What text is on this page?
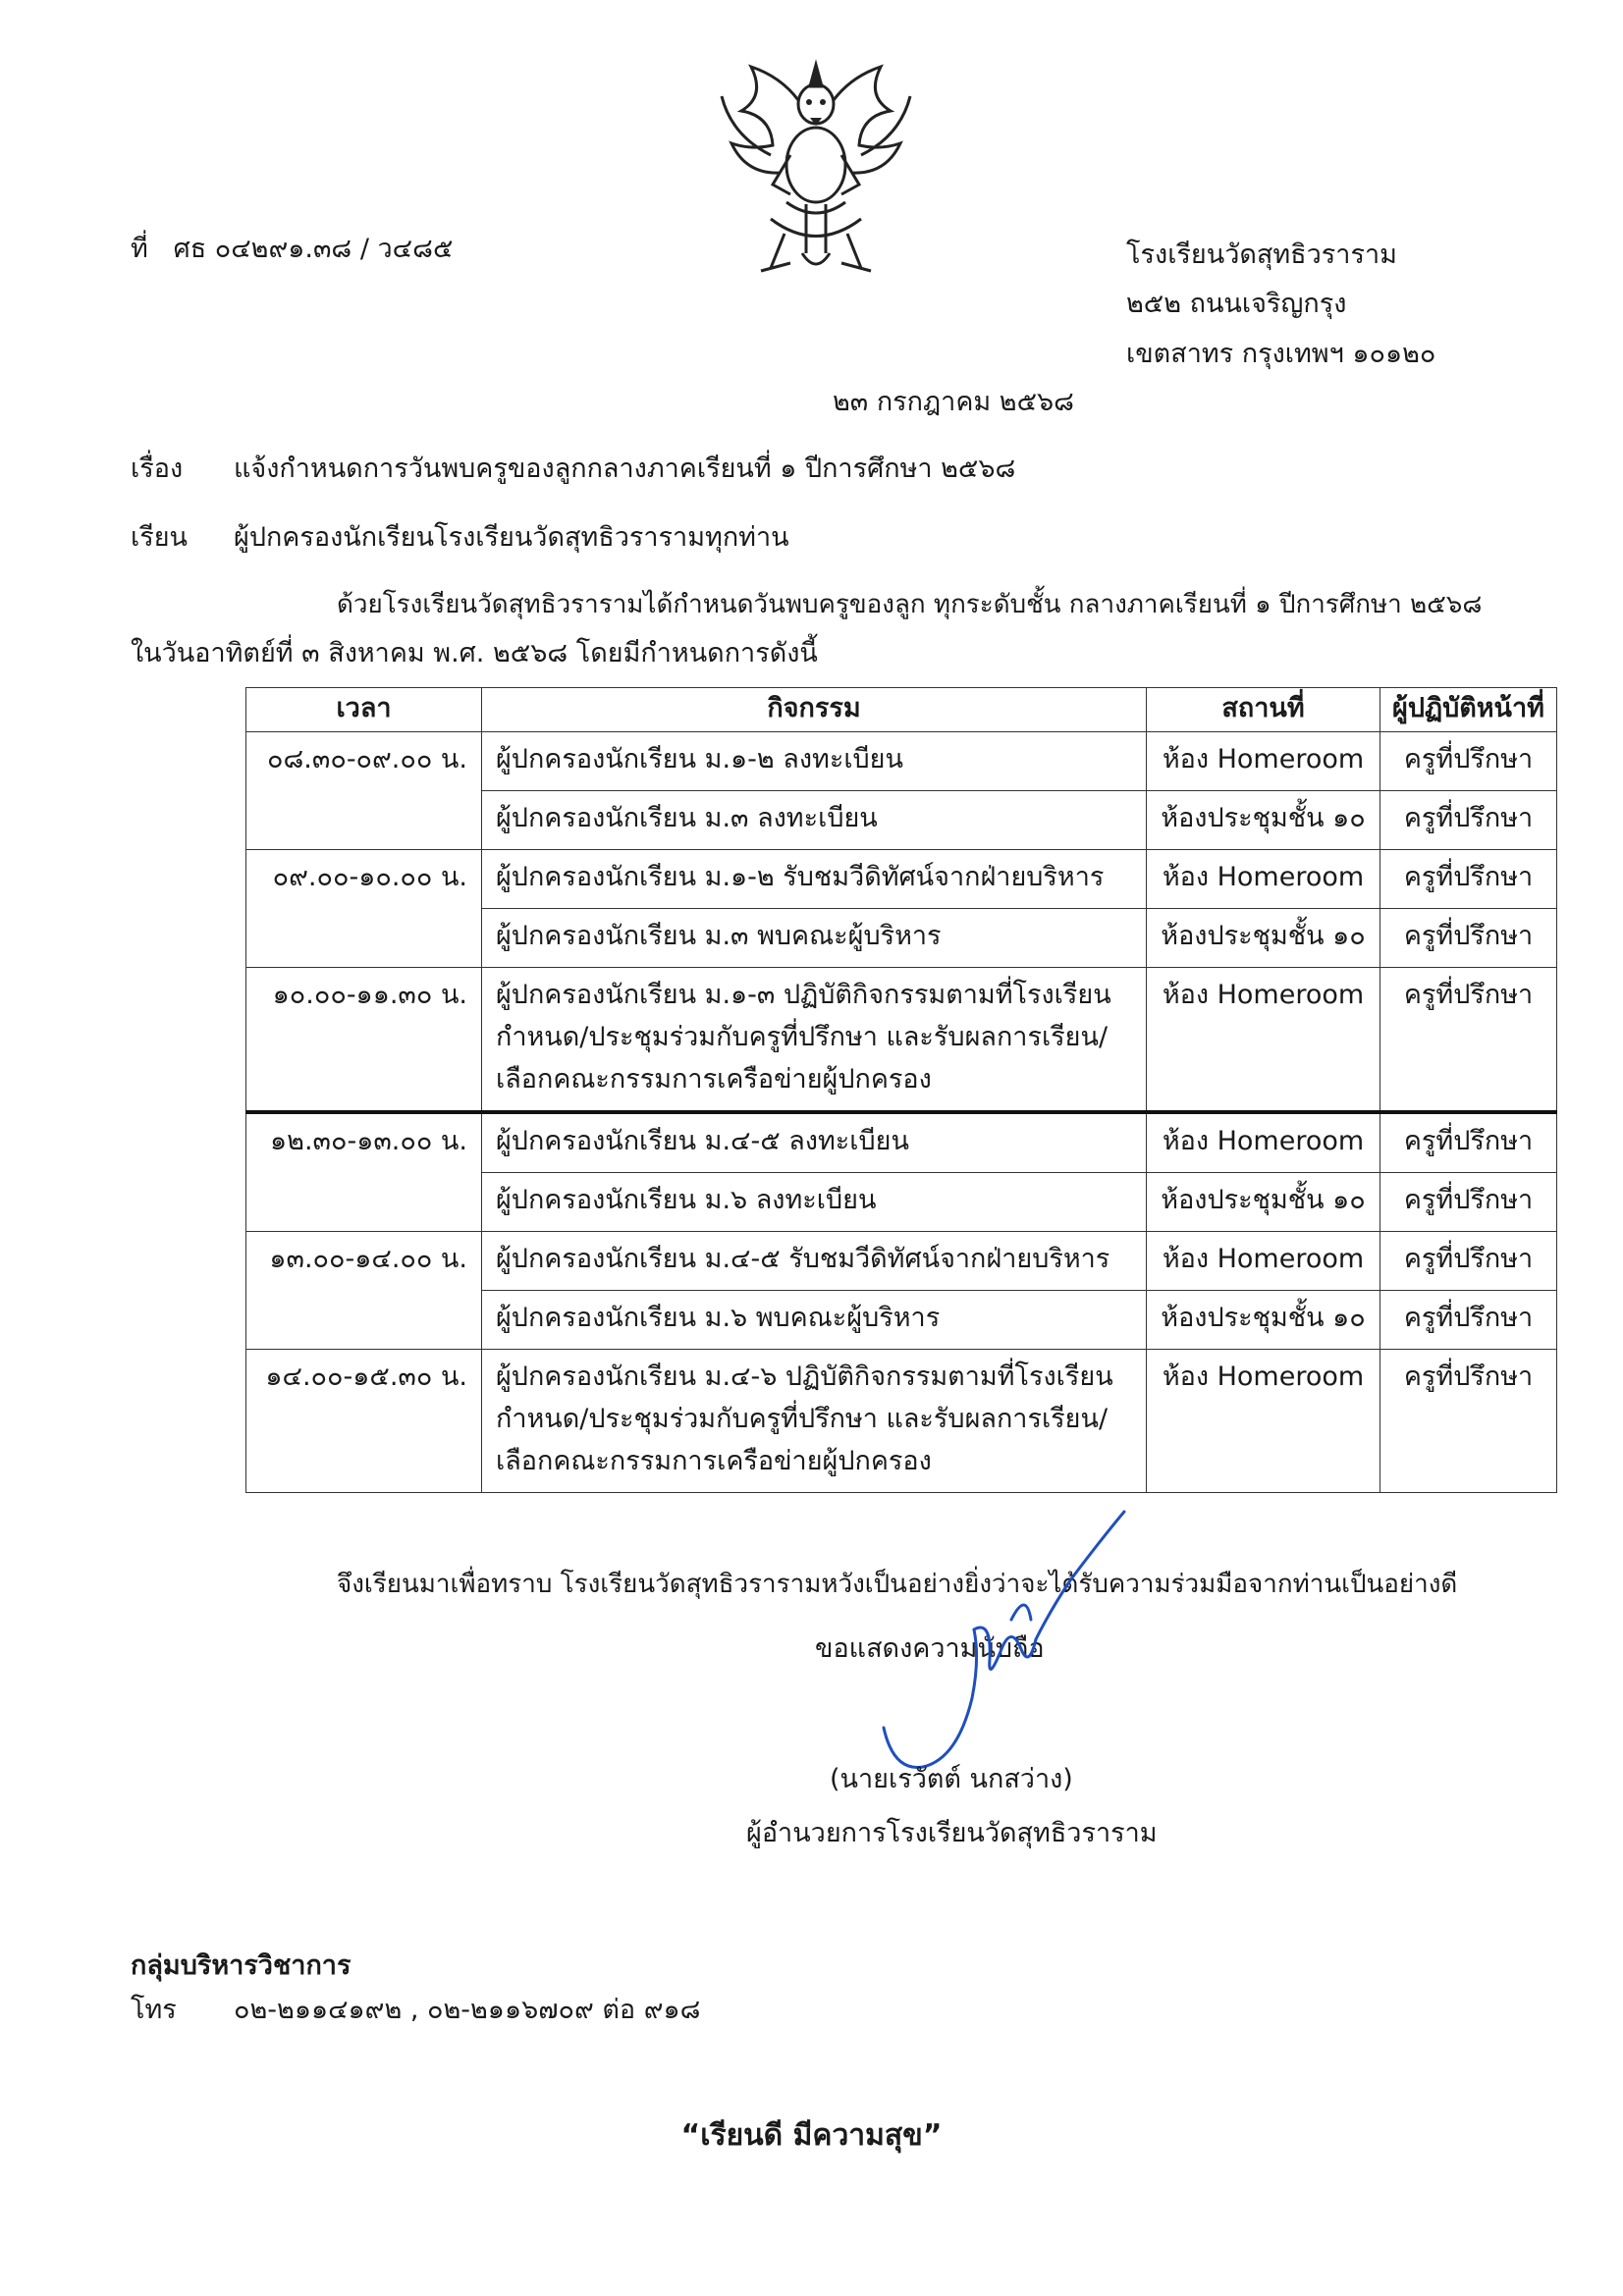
ที่ ศธ ๐๔๒๙๑.๓๘ / ว๔๘๕	โรงเรียนวัดสุทธิวราราม
๒๕๒ ถนนเจริญกรุง
เขตสาทร กรุงเทพฯ ๑๐๑๒๐
๒๓ กรกฎาคม ๒๕๖๘
เรื่อง แจ้งกำหนดการวันพบครูของลูกกลางภาคเรียนที่ ๑ ปีการศึกษา ๒๕๖๘
เรียน ผู้ปกครองนักเรียนโรงเรียนวัดสุทธิวรารามทุกท่าน
ด้วยโรงเรียนวัดสุทธิวรารามได้กำหนดวันพบครูของลูก ทุกระดับชั้น กลางภาคเรียนที่ ๑ ปีการศึกษา ๒๕๖๘
ในวันอาทิตย์ที่ ๓ สิงหาคม พ.ศ. ๒๕๖๘ โดยมีกำหนดการดังนี้
เวลา	กิจกรรม	สถานที่	ผู้ปฏิบัติหน้าที่
๐๘.๓๐-๐๙.๐๐ น.	ผู้ปกครองนักเรียน ม.๑-๒ ลงทะเบียน	ห้อง Homeroom	ครูที่ปรึกษา
	ผู้ปกครองนักเรียน ม.๓ ลงทะเบียน	ห้องประชุมชั้น ๑๐	ครูที่ปรึกษา
๐๙.๐๐-๑๐.๐๐ น.	ผู้ปกครองนักเรียน ม.๑-๒ รับชมวีดิทัศน์จากฝ่ายบริหาร	ห้อง Homeroom	ครูที่ปรึกษา
	ผู้ปกครองนักเรียน ม.๓ พบคณะผู้บริหาร	ห้องประชุมชั้น ๑๐	ครูที่ปรึกษา
๑๐.๐๐-๑๑.๓๐ น.	ผู้ปกครองนักเรียน ม.๑-๓ ปฏิบัติกิจกรรมตามที่โรงเรียน
กำหนด/ประชุมร่วมกับครูที่ปรึกษา และรับผลการเรียน/
เลือกคณะกรรมการเครือข่ายผู้ปกครอง	ห้อง Homeroom	ครูที่ปรึกษา
๑๒.๓๐-๑๓.๐๐ น.	ผู้ปกครองนักเรียน ม.๔-๕ ลงทะเบียน	ห้อง Homeroom	ครูที่ปรึกษา
	ผู้ปกครองนักเรียน ม.๖ ลงทะเบียน	ห้องประชุมชั้น ๑๐	ครูที่ปรึกษา
๑๓.๐๐-๑๔.๐๐ น.	ผู้ปกครองนักเรียน ม.๔-๕ รับชมวีดิทัศน์จากฝ่ายบริหาร	ห้อง Homeroom	ครูที่ปรึกษา
	ผู้ปกครองนักเรียน ม.๖ พบคณะผู้บริหาร	ห้องประชุมชั้น ๑๐	ครูที่ปรึกษา
๑๔.๐๐-๑๕.๓๐ น.	ผู้ปกครองนักเรียน ม.๔-๖ ปฏิบัติกิจกรรมตามที่โรงเรียน
กำหนด/ประชุมร่วมกับครูที่ปรึกษา และรับผลการเรียน/
เลือกคณะกรรมการเครือข่ายผู้ปกครอง	ห้อง Homeroom	ครูที่ปรึกษา
จึงเรียนมาเพื่อทราบ โรงเรียนวัดสุทธิวรารามหวังเป็นอย่างยิ่งว่าจะได้รับความร่วมมือจากท่านเป็นอย่างดี
ขอแสดงความนับถือ
(นายเรวัตต์ นกสว่าง)
ผู้อำนวยการโรงเรียนวัดสุทธิวราราม
กลุ่มบริหารวิชาการ
โทร ๐๒-๒๑๑๔๑๙๒ , ๐๒-๒๑๑๖๗๐๙ ต่อ ๙๑๘
“เรียนดี มีความสุข”
